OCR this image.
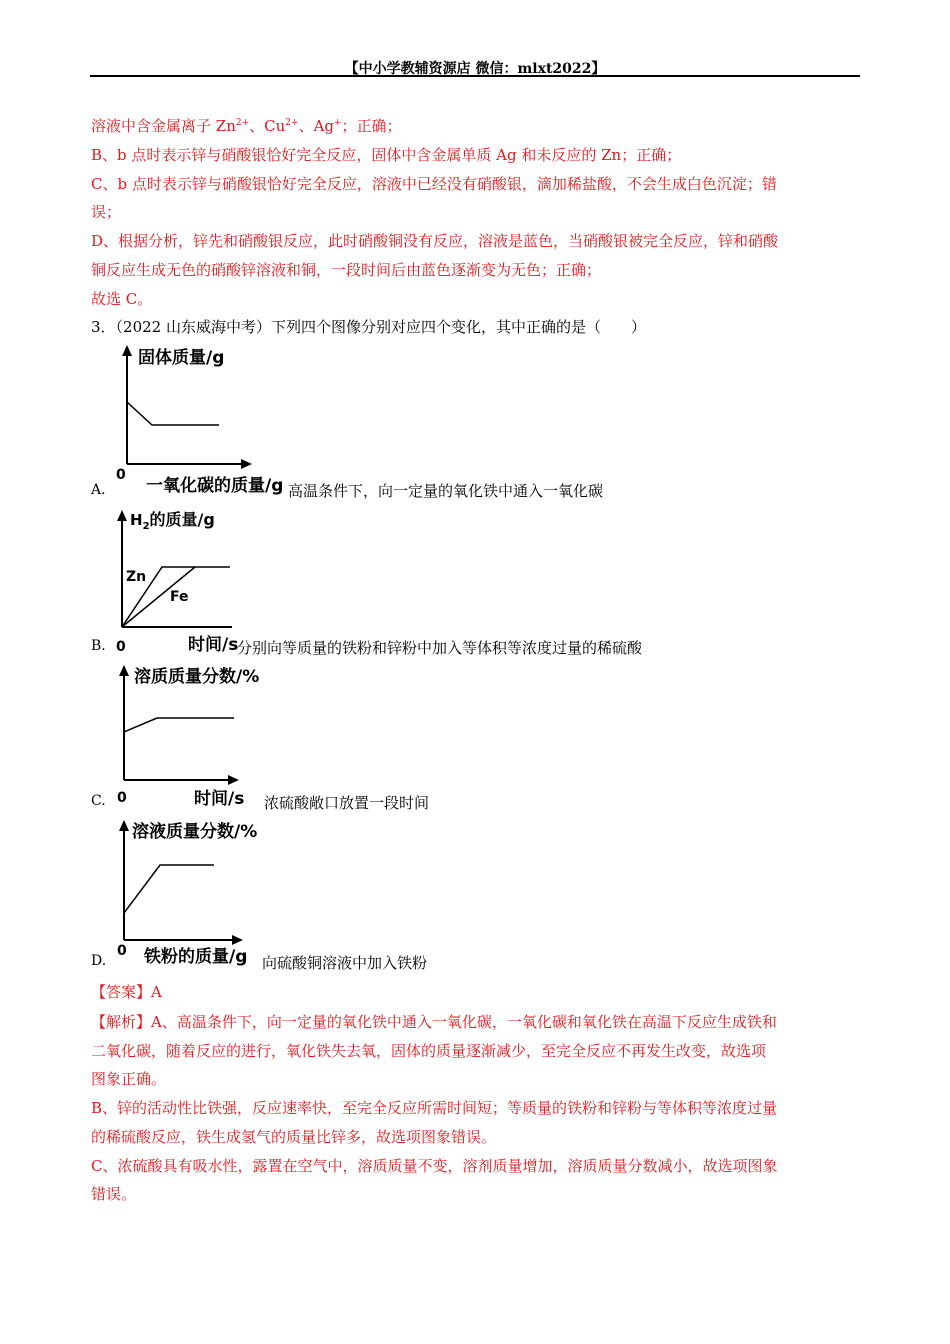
【中小学教辅资源店 微信：mlxt2022】
溶液中含金属离子 $Zn^{2+}$、$Cu^{2+}$、Ag+；正确；
B、b 点时表示锌与硝酸银恰好完全反应，固体中含金属单质 Ag 和未反应的 Zn；正确；
C、b 点时表示锌与硝酸银恰好完全反应，溶液中已经没有硝酸银，滴加稀盐酸，不会生成白色沉淀；错
误；
D、根据分析，锌先和硝酸银反应，此时硝酸铜没有反应，溶液是蓝色，当硝酸银被完全反应，锌和硝酸
铜反应生成无色的硝酸锌溶液和铜，一段时间后由蓝色逐渐变为无色；正确；
故选 C。
3．（2022 山东威海中考）下列四个图像分别对应四个变化，其中正确的是（　　）
固体质量/g
0
一氧化碳的质量/g
A.	高温条件下，向一定量的氧化铁中通入一氧化碳
$H_2$的质量/g
Zn
Fe
0	时间/s
B.	分别向等质量的铁粉和锌粉中加入等体积等浓度过量的稀硫酸
溶质质量分数/%
0	时间/s
C.	浓硫酸敞口放置一段时间
溶液质量分数/%
0 铁粉的质量/g
D.	向硫酸铜溶液中加入铁粉
【答案】A
【解析】A、高温条件下，向一定量的氧化铁中通入一氧化碳，一氧化碳和氧化铁在高温下反应生成铁和
二氧化碳，随着反应的进行，氧化铁失去氧，固体的质量逐渐减少，至完全反应不再发生改变，故选项
图象正确。
B、锌的活动性比铁强，反应速率快，至完全反应所需时间短；等质量的铁粉和锌粉与等体积等浓度过量
的稀硫酸反应，铁生成氢气的质量比锌多，故选项图象错误。
C、浓硫酸具有吸水性，露置在空气中，溶质质量不变，溶剂质量增加，溶质质量分数减小，故选项图象
错误。
